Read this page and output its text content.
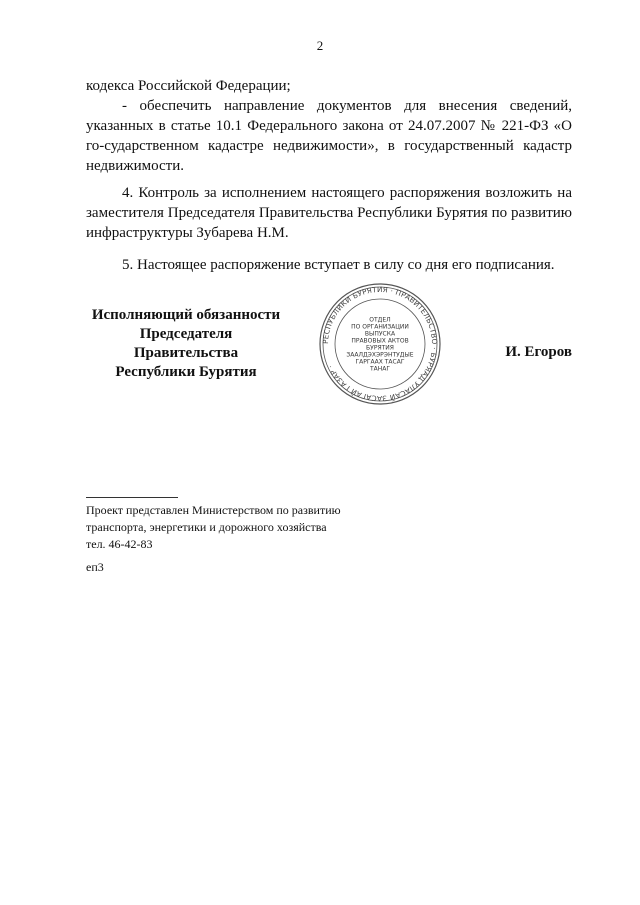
2
кодекса Российской Федерации;
- обеспечить направление документов для внесения сведений, указанных в статье 10.1 Федерального закона от 24.07.2007 № 221-ФЗ «О го-сударственном кадастре недвижимости», в государственный кадастр недвижимости.
4. Контроль за исполнением настоящего распоряжения возложить на заместителя Председателя Правительства Республики Бурятия по развитию инфраструктуры Зубарева Н.М.
5. Настоящее распоряжение вступает в силу со дня его подписания.
Исполняющий обязанности
Председателя Правительства
Республики Бурятия
РЕСПУБЛИКИ БУРЯТИЯ · ПРАВИТЕЛЬСТВО · БУРЯАД УЛАСАЙ ЗАСАГАЙ ГАЗАР ·
ОТДЕЛ
ПО ОРГАНИЗАЦИИ
ВЫПУСКА
ПРАВОВЫХ АКТОВ
БУРЯТИЯ
ЗААЛДЭХЭРЭНТУДЫЕ
ГАРГААХ ТАСАГ
ТАНАГ
И. Егоров
Проект представлен Министерством по развитию
транспорта, энергетики и дорожного хозяйства
тел. 46-42-83
еп3
